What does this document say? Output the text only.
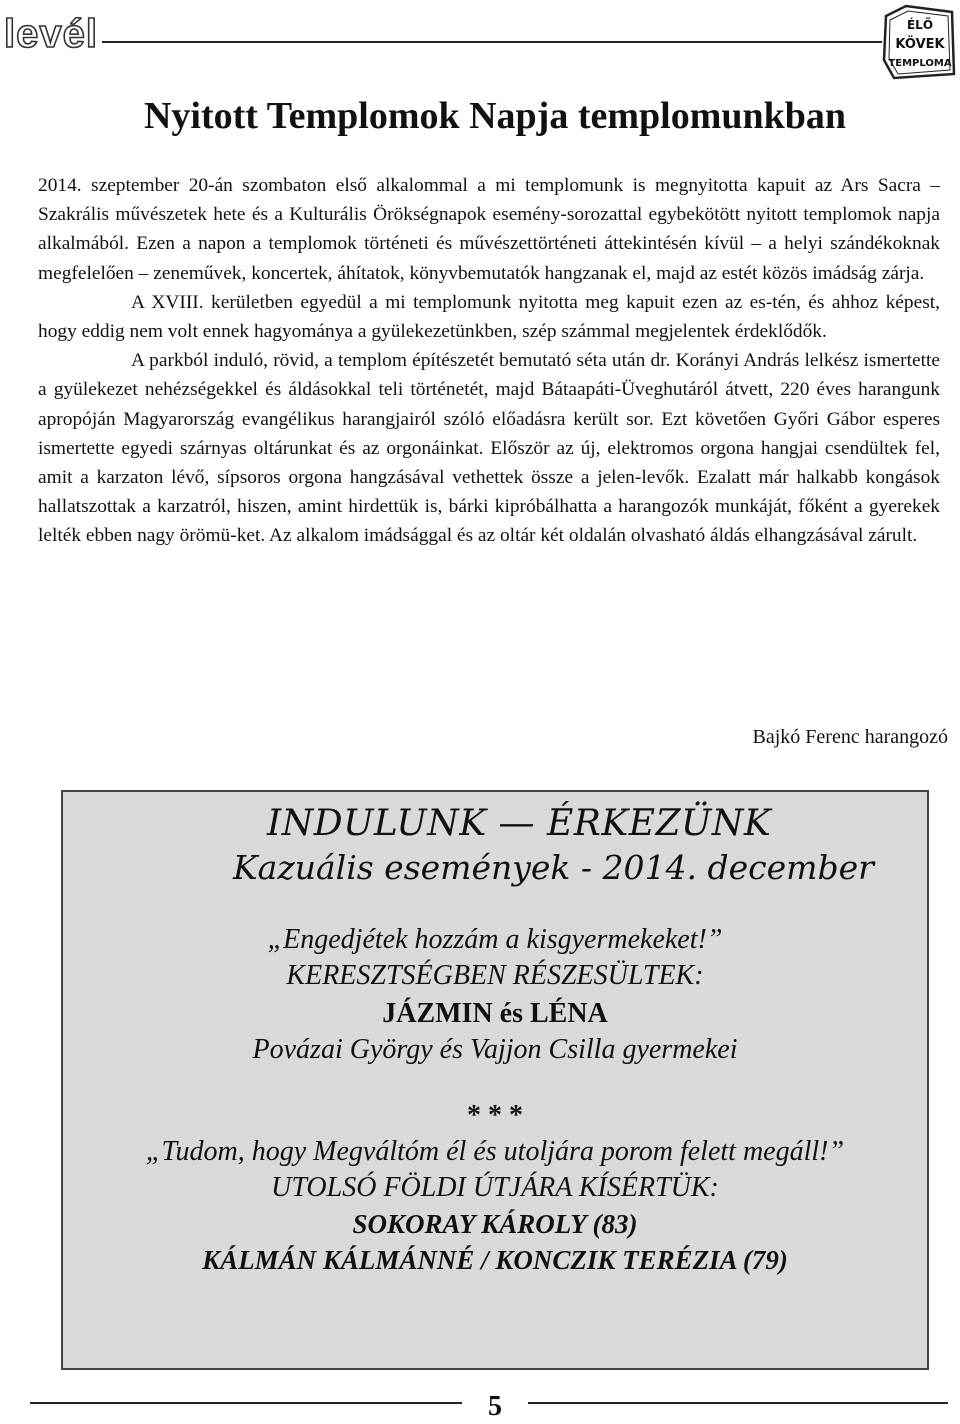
levél	ÉLŐ
KÖVEK
TEMPLOMA
Nyitott Templomok Napja templomunkban

2014. szeptember 20-án szombaton első alkalommal a mi templomunk is megnyitotta kapuit az Ars Sacra – Szakrális művészetek hete és a Kulturális Örökségnapok esemény-sorozattal egybekötött nyitott templomok napja alkalmából. Ezen a napon a templomok történeti és művészettörténeti áttekintésén kívül – a helyi szándékoknak megfelelően – zeneművek, koncertek, áhítatok, könyvbemutatók hangzanak el, majd az estét közös imádság zárja.

A XVIII. kerületben egyedül a mi templomunk nyitotta meg kapuit ezen az es-tén, és ahhoz képest, hogy eddig nem volt ennek hagyománya a gyülekezetünkben, szép számmal megjelentek érdeklődők.

A parkból induló, rövid, a templom építészetét bemutató séta után dr. Korányi András lelkész ismertette a gyülekezet nehézségekkel és áldásokkal teli történetét, majd Bátaapáti-Üveghutáról átvett, 220 éves harangunk apropóján Magyarország evangélikus harangjairól szóló előadásra került sor. Ezt követően Győri Gábor esperes ismertette egyedi szárnyas oltárunkat és az orgonáinkat. Először az új, elektromos orgona hangjai csendültek fel, amit a karzaton lévő, sípsoros orgona hangzásával vethettek össze a jelen-levők. Ezalatt már halkabb kongások hallatszottak a karzatról, hiszen, amint hirdettük is, bárki kipróbálhatta a harangozók munkáját, főként a gyerekek lelték ebben nagy örömü-ket. Az alkalom imádsággal és az oltár két oldalán olvasható áldás elhangzásával zárult.

Bajkó Ferenc harangozó
INDULUNK — ÉRKEZÜNK
Kazuális események - 2014. december
„Engedjétek hozzám a kisgyermekeket!”
KERESZTSÉGBEN RÉSZESÜLTEK:
JÁZMIN és LÉNA
Povázai György és Vajjon Csilla gyermekei
* * *
„Tudom, hogy Megváltóm él és utoljára porom felett megáll!”
UTOLSÓ FÖLDI ÚTJÁRA KÍSÉRTÜK:
SOKORAY KÁROLY (83)
KÁLMÁN KÁLMÁNNÉ / KONCZIK TERÉZIA (79)
5
